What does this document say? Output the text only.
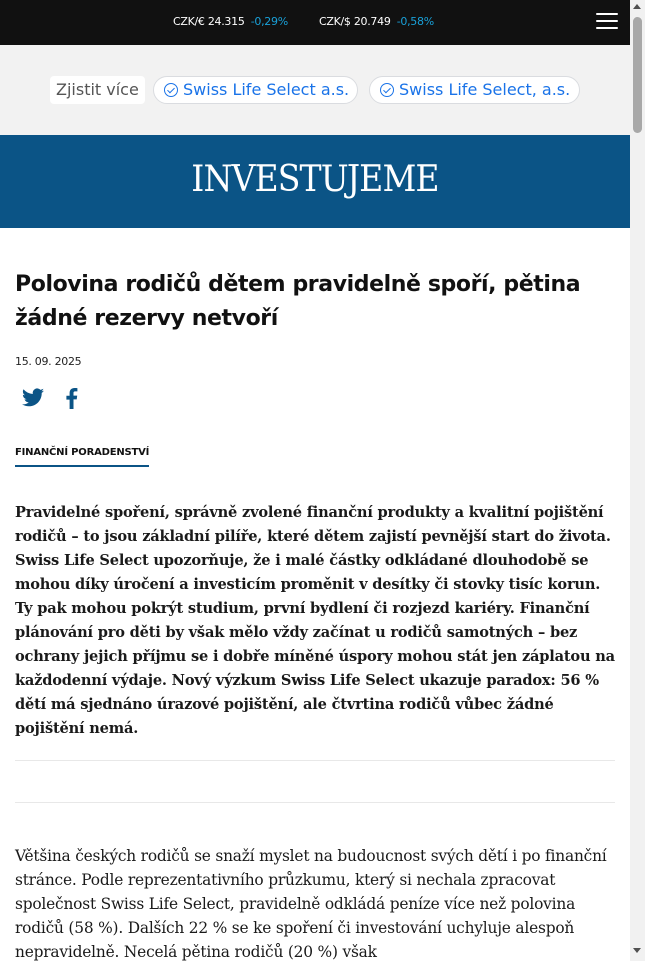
CZK/€ 24.315 -0,29%	CZK/$ 20.749 -0,58%
Zjistit více	Swiss Life Select a.s.	Swiss Life Select, a.s.
INVESTUJEME
Polovina rodičů dětem pravidelně spoří, pětina žádné rezervy netvoří
15. 09. 2025
FINANČNÍ PORADENSTVÍ

Pravidelné spoření, správně zvolené finanční produkty a kvalitní pojištění rodičů – to jsou základní pilíře, které dětem zajistí pevnější start do života. Swiss Life Select upozorňuje, že i malé částky odkládané dlouhodobě se mohou díky úročení a investicím proměnit v desítky či stovky tisíc korun. Ty pak mohou pokrýt studium, první bydlení či rozjezd kariéry. Finanční plánování pro děti by však mělo vždy začínat u rodičů samotných – bez ochrany jejich příjmu se i dobře míněné úspory mohou stát jen záplatou na každodenní výdaje. Nový výzkum Swiss Life Select ukazuje paradox: 56 % dětí má sjednáno úrazové pojištění, ale čtvrtina rodičů vůbec žádné pojištění nemá.

Většina českých rodičů se snaží myslet na budoucnost svých dětí i po finanční stránce. Podle reprezentativního průzkumu, který si nechala zpracovat společnost Swiss Life Select, pravidelně odkládá peníze více než polovina rodičů (58 %). Dalších 22 % se ke spoření či investování uchyluje alespoň nepravidelně. Necelá pětina rodičů (20 %) však
